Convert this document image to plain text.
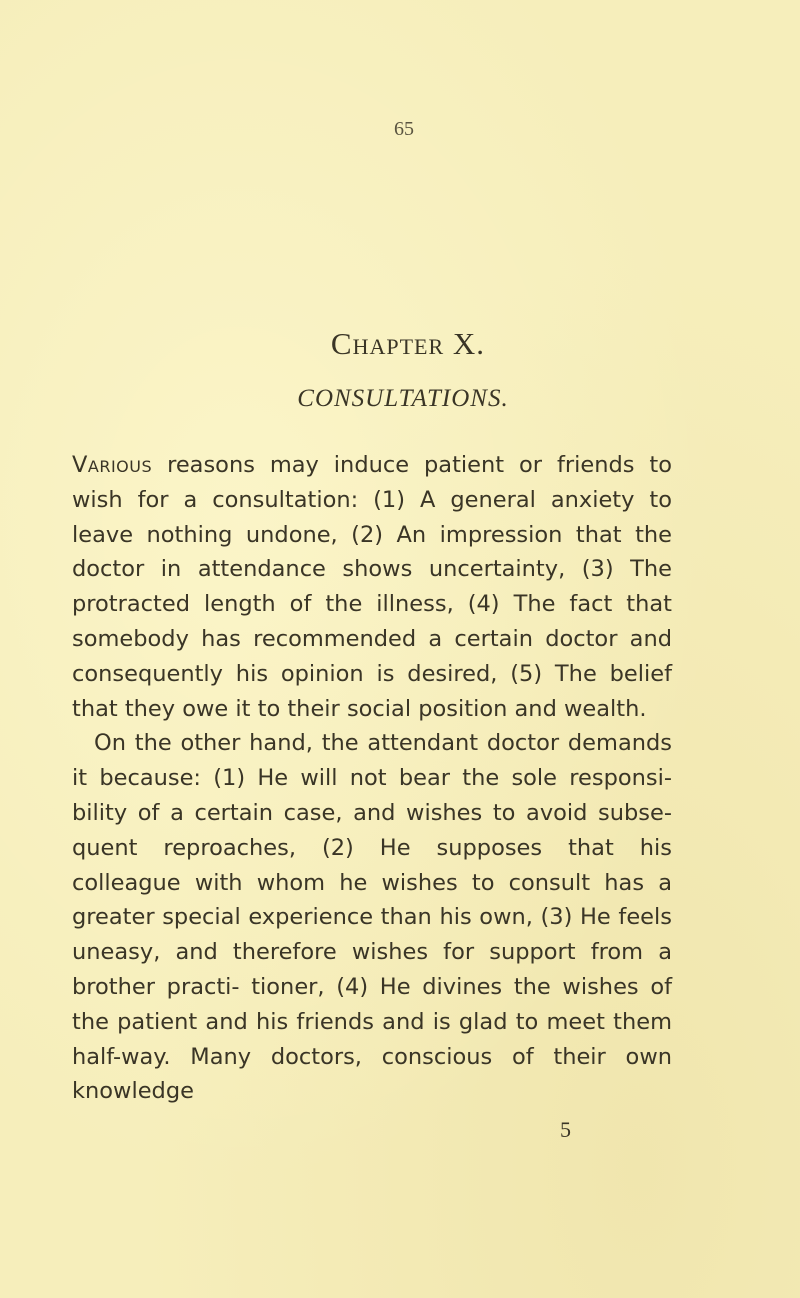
65
Chapter X.
CONSULTATIONS.

Various reasons may induce patient or friends to wish for a consultation: (1) A general anxiety to leave nothing undone, (2) An impression that the doctor in attendance shows uncertainty, (3) The protracted length of the illness, (4) The fact that somebody has recommended a certain doctor and consequently his opinion is desired, (5) The belief that they owe it to their social position and wealth.

On the other hand, the attendant doctor demands it because: (1) He will not bear the sole responsi- bility of a certain case, and wishes to avoid subse- quent reproaches, (2) He supposes that his colleague with whom he wishes to consult has a greater special experience than his own, (3) He feels uneasy, and therefore wishes for support from a brother practi- tioner, (4) He divines the wishes of the patient and his friends and is glad to meet them half-way. Many doctors, conscious of their own knowledge

5
